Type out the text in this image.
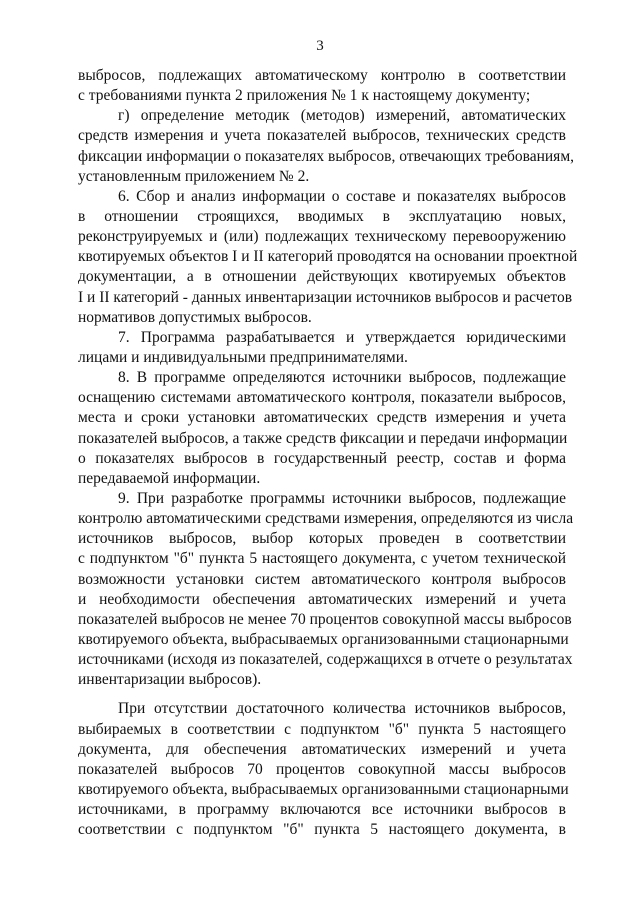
3
выбросов, подлежащих автоматическому контролю в соответствии
с требованиями пункта 2 приложения № 1 к настоящему документу;
г) определение методик (методов) измерений, автоматических
средств измерения и учета показателей выбросов, технических средств
фиксации информации о показателях выбросов, отвечающих требованиям,
установленным приложением № 2.
6. Сбор и анализ информации о составе и показателях выбросов
в отношении строящихся, вводимых в эксплуатацию новых,
реконструируемых и (или) подлежащих техническому перевооружению
квотируемых объектов I и II категорий проводятся на основании проектной
документации, а в отношении действующих квотируемых объектов
I и II категорий - данных инвентаризации источников выбросов и расчетов
нормативов допустимых выбросов.
7. Программа разрабатывается и утверждается юридическими
лицами и индивидуальными предпринимателями.
8. В программе определяются источники выбросов, подлежащие
оснащению системами автоматического контроля, показатели выбросов,
места и сроки установки автоматических средств измерения и учета
показателей выбросов, а также средств фиксации и передачи информации
о показателях выбросов в государственный реестр, состав и форма
передаваемой информации.
9. При разработке программы источники выбросов, подлежащие
контролю автоматическими средствами измерения, определяются из числа
источников выбросов, выбор которых проведен в соответствии
с подпунктом "б" пункта 5 настоящего документа, с учетом технической
возможности установки систем автоматического контроля выбросов
и необходимости обеспечения автоматических измерений и учета
показателей выбросов не менее 70 процентов совокупной массы выбросов
квотируемого объекта, выбрасываемых организованными стационарными
источниками (исходя из показателей, содержащихся в отчете о результатах
инвентаризации выбросов).
При отсутствии достаточного количества источников выбросов,
выбираемых в соответствии с подпунктом "б" пункта 5 настоящего
документа, для обеспечения автоматических измерений и учета
показателей выбросов 70 процентов совокупной массы выбросов
квотируемого объекта, выбрасываемых организованными стационарными
источниками, в программу включаются все источники выбросов в
соответствии с подпунктом "б" пункта 5 настоящего документа, в
